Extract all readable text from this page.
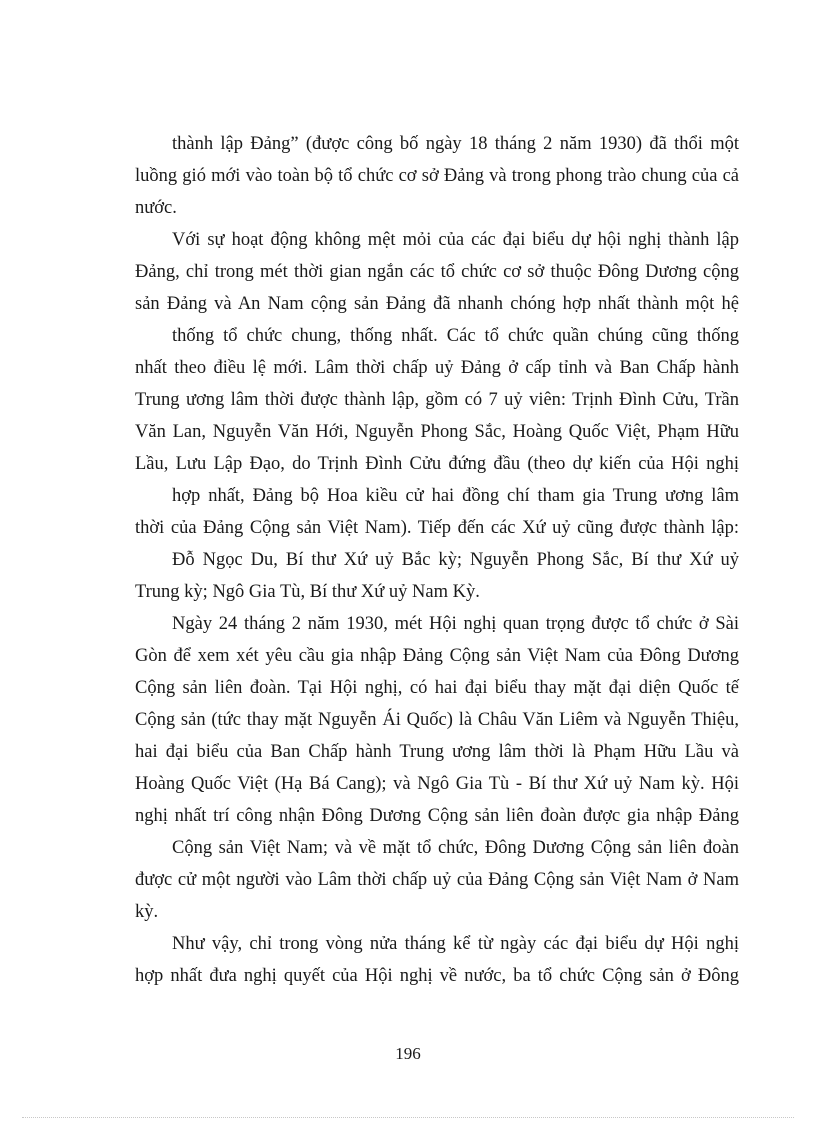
thành lập Đảng” (được công bố ngày 18 tháng 2 năm 1930) đã thổi một
luồng gió mới vào toàn bộ tổ chức cơ sở Đảng và trong phong trào chung của cả
nước.
Với sự hoạt động không mệt mỏi của các đại biểu dự hội nghị thành lập
Đảng, chỉ trong mét thời gian ngắn các tổ chức cơ sở thuộc Đông Dương cộng
sản Đảng và An Nam cộng sản Đảng đã nhanh chóng hợp nhất thành một hệ
thống tổ chức chung, thống nhất. Các tổ chức quần chúng cũng thống
nhất theo điều lệ mới. Lâm thời chấp uỷ Đảng ở cấp tỉnh và Ban Chấp hành
Trung ương lâm thời được thành lập, gồm có 7 uỷ viên: Trịnh Đình Cửu, Trần
Văn Lan, Nguyễn Văn Hới, Nguyễn Phong Sắc, Hoàng Quốc Việt, Phạm Hữu
Lầu, Lưu Lập Đạo, do Trịnh Đình Cửu đứng đầu (theo dự kiến của Hội nghị
hợp nhất, Đảng bộ Hoa kiều cử hai đồng chí tham gia Trung ương lâm
thời của Đảng Cộng sản Việt Nam). Tiếp đến các Xứ uỷ cũng được thành lập:
Đỗ Ngọc Du, Bí thư Xứ uỷ Bắc kỳ; Nguyễn Phong Sắc, Bí thư Xứ uỷ
Trung kỳ; Ngô Gia Tù, Bí thư Xứ uỷ Nam Kỳ.
Ngày 24 tháng 2 năm 1930, mét Hội nghị quan trọng được tổ chức ở Sài
Gòn để xem xét yêu cầu gia nhập Đảng Cộng sản Việt Nam của Đông Dương
Cộng sản liên đoàn. Tại Hội nghị, có hai đại biểu thay mặt đại diện Quốc tế
Cộng sản (tức thay mặt Nguyễn Ái Quốc) là Châu Văn Liêm và Nguyễn Thiệu,
hai đại biểu của Ban Chấp hành Trung ương lâm thời là Phạm Hữu Lầu và
Hoàng Quốc Việt (Hạ Bá Cang); và Ngô Gia Tù - Bí thư Xứ uỷ Nam kỳ. Hội
nghị nhất trí công nhận Đông Dương Cộng sản liên đoàn được gia nhập Đảng
Cộng sản Việt Nam; và về mặt tổ chức, Đông Dương Cộng sản liên đoàn
được cử một người vào Lâm thời chấp uỷ của Đảng Cộng sản Việt Nam ở Nam
kỳ.
Như vậy, chỉ trong vòng nửa tháng kể từ ngày các đại biểu dự Hội nghị
hợp nhất đưa nghị quyết của Hội nghị về nước, ba tổ chức Cộng sản ở Đông
196
